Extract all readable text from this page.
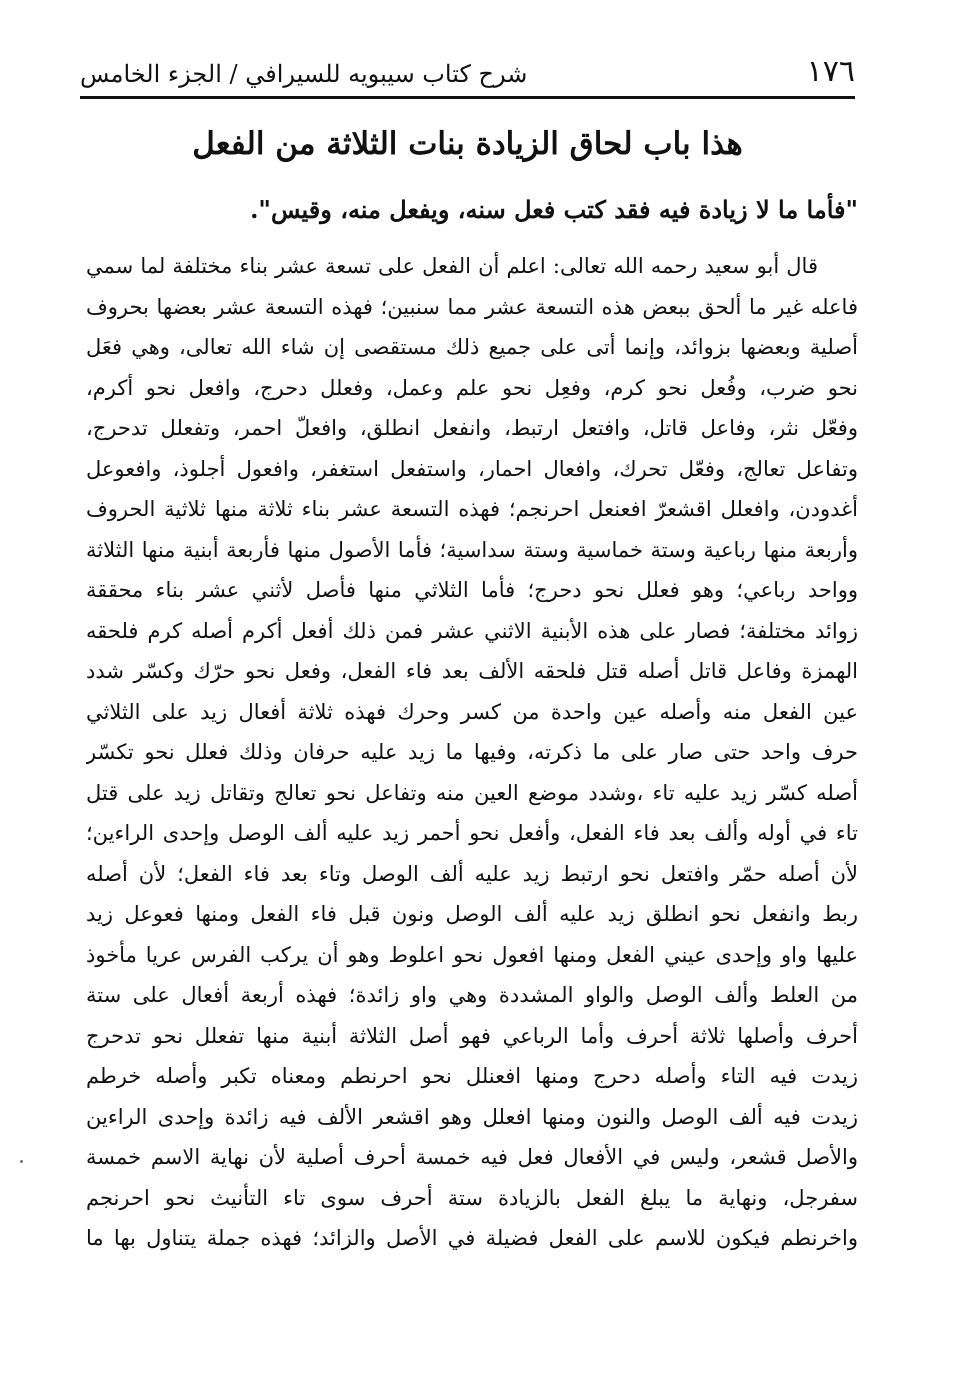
١٧٦
شرح كتاب سيبويه للسيرافي / الجزء الخامس
هذا باب لحاق الزيادة بنات الثلاثة من الفعل
"فأما ما لا زيادة فيه فقد كتب فعل سنه، ويفعل منه، وقيس".
قال أبو سعيد رحمه الله تعالى: اعلم أن الفعل على تسعة عشر بناء مختلفة لما سمي
فاعله غير ما ألحق ببعض هذه التسعة عشر مما سنبين؛ فهذه التسعة عشر بعضها بحروف
أصلية وبعضها بزوائد، وإنما أتى على جميع ذلك مستقصى إن شاء الله تعالى، وهي فعَل
نحو ضرب، وفُعل نحو كرم، وفعِل نحو علم وعمل، وفعلل دحرج، وافعل نحو أكرم،
وفعّل نثر، وفاعل قاتل، وافتعل ارتبط، وانفعل انطلق، وافعلّ احمر، وتفعلل تدحرج،
وتفاعل تعالج، وفعّل تحرك، وافعال احمار، واستفعل استغفر، وافعول أجلوذ، وافعوعل
أغدودن، وافعلل اقشعرّ افعنعل احرنجم؛ فهذه التسعة عشر بناء ثلاثة منها ثلاثية الحروف
وأربعة منها رباعية وستة خماسية وستة سداسية؛ فأما الأصول منها فأربعة أبنية منها الثلاثة
وواحد رباعي؛ وهو فعلل نحو دحرج؛ فأما الثلاثي منها فأصل لأثني عشر بناء محققة
زوائد مختلفة؛ فصار على هذه الأبنية الاثني عشر فمن ذلك أفعل أكرم أصله كرم فلحقه
الهمزة وفاعل قاتل أصله قتل فلحقه الألف بعد فاء الفعل، وفعل نحو حرّك وكسّر شدد
عين الفعل منه وأصله عين واحدة من كسر وحرك فهذه ثلاثة أفعال زيد على الثلاثي
حرف واحد حتى صار على ما ذكرته، وفيها ما زيد عليه حرفان وذلك فعلل نحو تكسّر
أصله كسّر زيد عليه تاء ،وشدد موضع العين منه وتفاعل نحو تعالج وتقاتل زيد على قتل
تاء في أوله وألف بعد فاء الفعل، وأفعل نحو أحمر زيد عليه ألف الوصل وإحدى الراءين؛
لأن أصله حمّر وافتعل نحو ارتبط زيد عليه ألف الوصل وتاء بعد فاء الفعل؛ لأن أصله
ربط وانفعل نحو انطلق زيد عليه ألف الوصل ونون قبل فاء الفعل ومنها فعوعل زيد
عليها واو وإحدى عيني الفعل ومنها افعول نحو اعلوط وهو أن يركب الفرس عريا مأخوذ
من العلط وألف الوصل والواو المشددة وهي واو زائدة؛ فهذه أربعة أفعال على ستة
أحرف وأصلها ثلاثة أحرف وأما الرباعي فهو أصل الثلاثة أبنية منها تفعلل نحو تدحرج
زيدت فيه التاء وأصله دحرج ومنها افعنلل نحو احرنطم ومعناه تكبر وأصله خرطم
زيدت فيه ألف الوصل والنون ومنها افعلل وهو اقشعر الألف فيه زائدة وإحدى الراءين
والأصل قشعر، وليس في الأفعال فعل فيه خمسة أحرف أصلية لأن نهاية الاسم خمسة
سفرجل، ونهاية ما يبلغ الفعل بالزيادة ستة أحرف سوى تاء التأنيث نحو احرنجم
واخرنطم فيكون للاسم على الفعل فضيلة في الأصل والزائد؛ فهذه جملة يتناول بها ما
